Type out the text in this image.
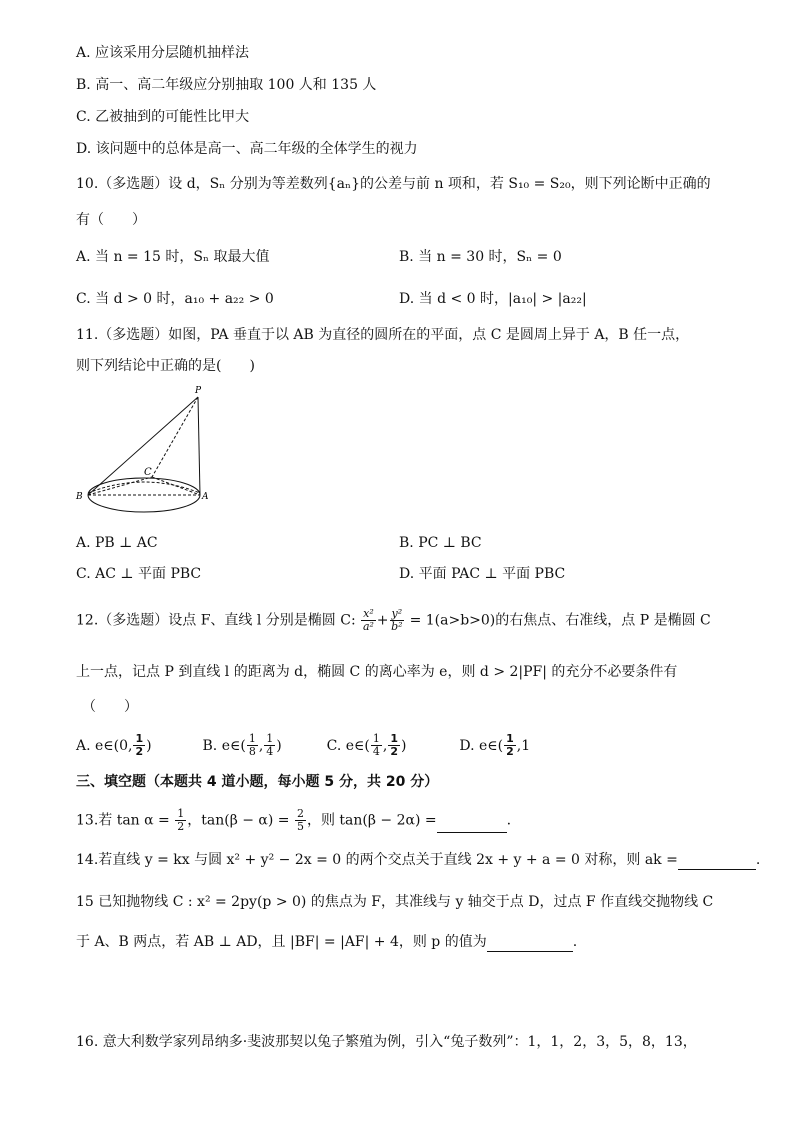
A. 应该采用分层随机抽样法
B. 高一、高二年级应分别抽取 100 人和 135 人
C. 乙被抽到的可能性比甲大
D. 该问题中的总体是高一、高二年级的全体学生的视力
10.（多选题）设 d，Sₙ 分别为等差数列{aₙ}的公差与前 n 项和，若 S₁₀ = S₂₀，则下列论断中正确的
有（　　）
A. 当 n = 15 时，Sₙ 取最大值	B. 当 n = 30 时，Sₙ = 0
C. 当 d > 0 时，a₁₀ + a₂₂ > 0	D. 当 d < 0 时，|a₁₀| > |a₂₂|
11.（多选题）如图，PA 垂直于以 AB 为直径的圆所在的平面，点 C 是圆周上异于 A，B 任一点，
则下列结论中正确的是(　　)
P
C
B	A
A. PB ⊥ AC	B. PC ⊥ BC
C. AC ⊥ 平面 PBC	D. 平面 PAC ⊥ 平面 PBC
12.（多选题）设点 F、直线 l 分别是椭圆 C: $\frac{\text{x²}}{\text{a²}} + \frac{\text{y²}}{\text{b²}} = 1(a>b>0)$的右焦点、右准线，点 P 是椭圆 C
上一点，记点 P 到直线 l 的距离为 d，椭圆 C 的离心率为 e，则 d > 2|PF| 的充分不必要条件有
（　　）
A. e∈(0, $\frac{1}{2}$ )	B. e∈( $\frac{1}{8}$ , $\frac{1}{4}$ )	C. e∈( $\frac{1}{4}$ , $\frac{1}{2}$ )	D. e∈( $\frac{1}{2} ,1$
三、填空题（本题共 4 道小题，每小题 5 分，共 20 分）
13.若 $\tan \alpha = \frac{1}{2}$ ，$\tan(\beta - \alpha) = \frac{2}{5}$ ，则 tan(β − 2α) =	.
14.若直线 y = kx 与圆 x² + y² − 2x = 0 的两个交点关于直线 2x + y + a = 0 对称，则 ak =	.
15 已知抛物线 C : x² = 2py(p > 0) 的焦点为 F，其准线与 y 轴交于点 D，过点 F 作直线交抛物线 C
于 A、B 两点，若 AB ⊥ AD，且 |BF| = |AF| + 4，则 p 的值为	.
16. 意大利数学家列昂纳多·斐波那契以兔子繁殖为例，引入“兔子数列”：1，1，2，3，5，8，13，
